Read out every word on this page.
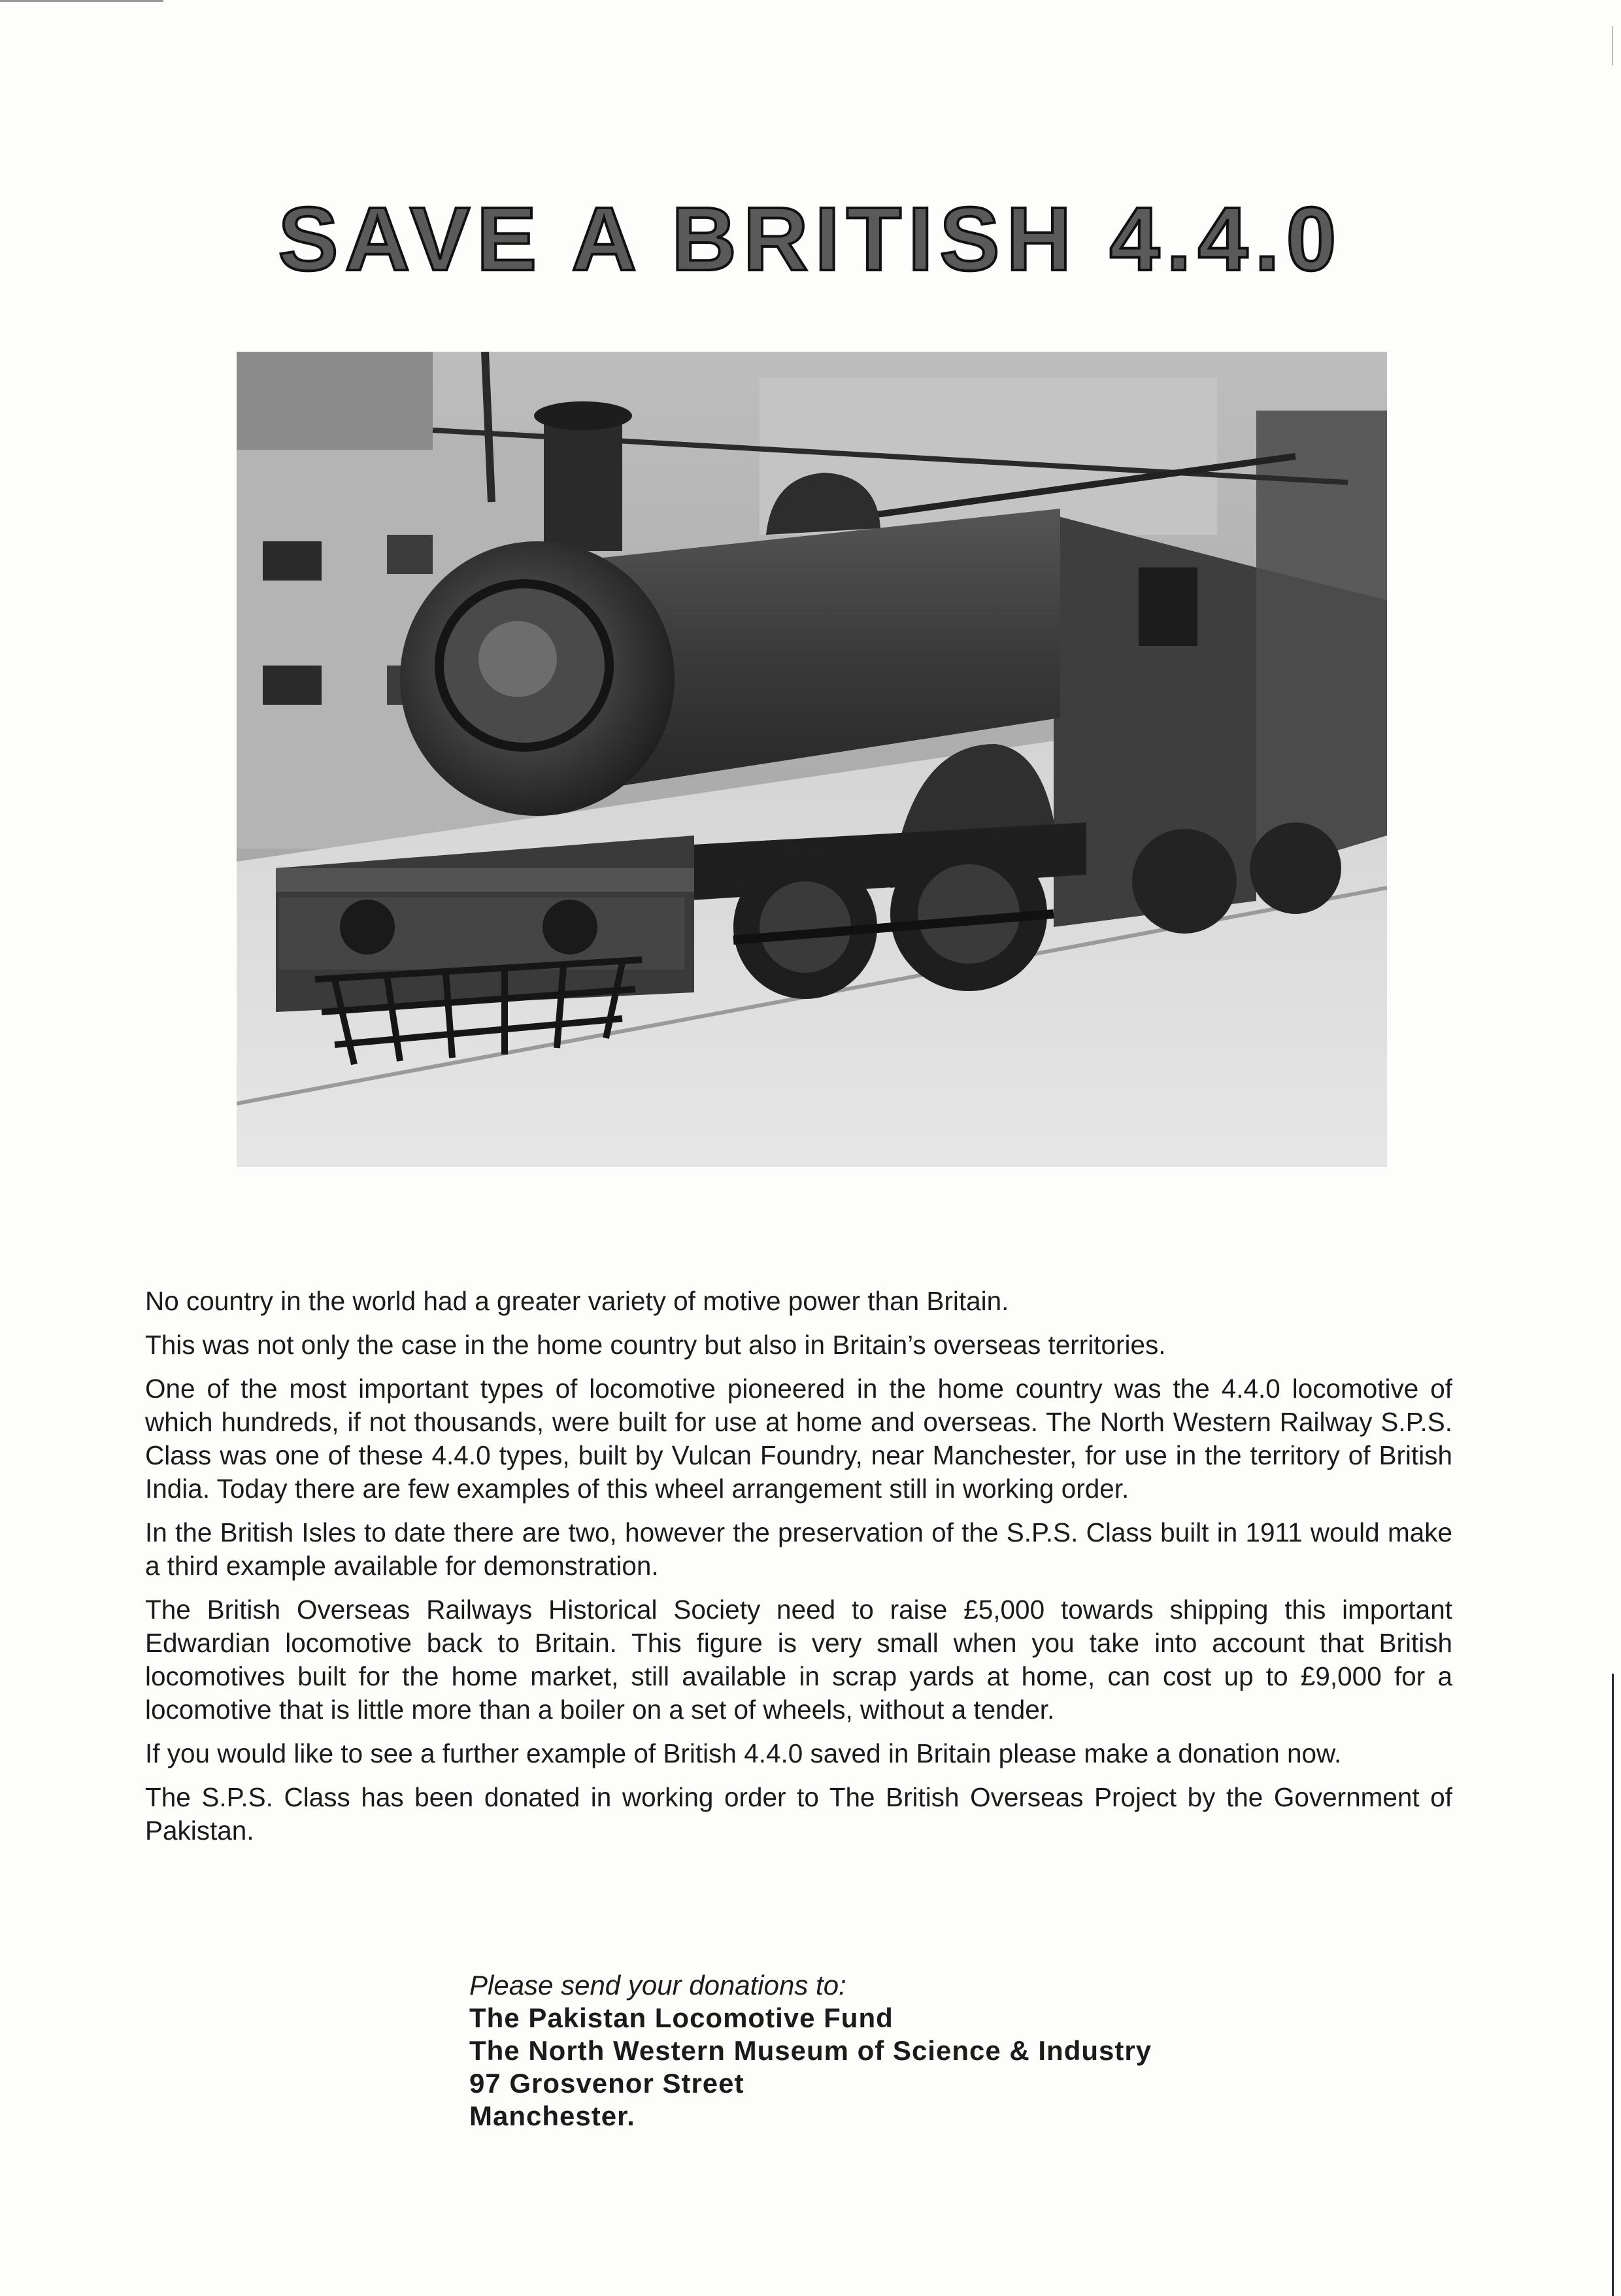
SAVE A BRITISH 4.4.0

No country in the world had a greater variety of motive power than Britain.

This was not only the case in the home country but also in Britain’s overseas territories.

One of the most important types of locomotive pioneered in the home country was the 4.4.0 locomotive of which hundreds, if not thousands, were built for use at home and overseas. The North Western Railway S.P.S. Class was one of these 4.4.0 types, built by Vulcan Foundry, near Manchester, for use in the territory of British India. Today there are few examples of this wheel arrangement still in working order.

In the British Isles to date there are two, however the preservation of the S.P.S. Class built in 1911 would make a third example available for demonstration.

The British Overseas Railways Historical Society need to raise £5,000 towards shipping this important Edwardian locomotive back to Britain. This figure is very small when you take into account that British locomotives built for the home market, still available in scrap yards at home, can cost up to £9,000 for a locomotive that is little more than a boiler on a set of wheels, without a tender.

If you would like to see a further example of British 4.4.0 saved in Britain please make a donation now.

The S.P.S. Class has been donated in working order to The British Overseas Project by the Government of Pakistan.

Please send your donations to:
The Pakistan Locomotive Fund
The North Western Museum of Science & Industry
97 Grosvenor Street
Manchester.
